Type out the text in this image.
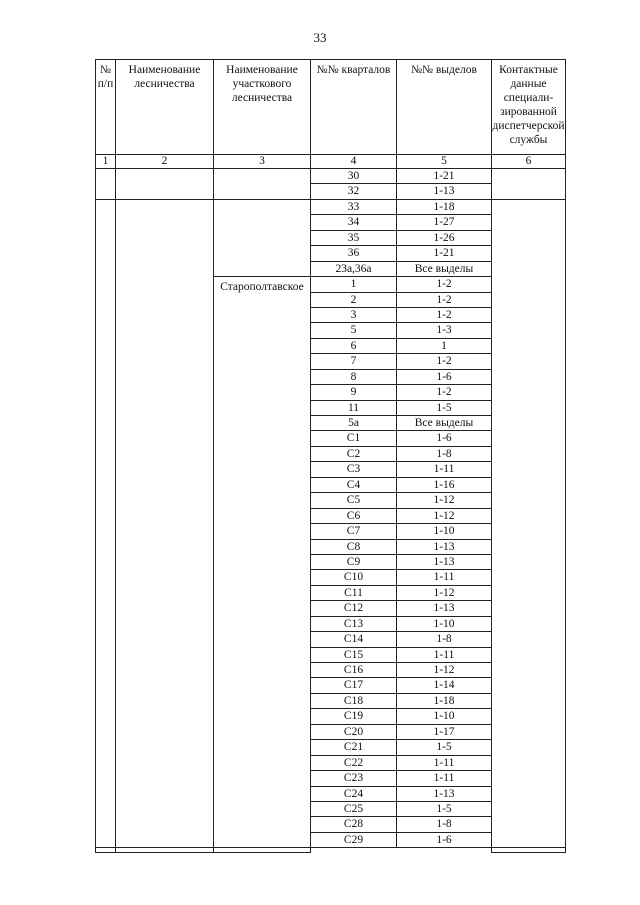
33
№ п/п	Наименование лесничества	Наименование участкового лесничества	№№ кварталов	№№ выделов	Контактные данные специали-зированной диспетчерской службы
1	2	3	4	5	6
			30	1-21	
			32	1-13	
			33	1-18	
			34	1-27	
			35	1-26	
			36	1-21	
			23а,36а	Все выделы	
		Старополтавское	1	1-2	
			2	1-2	
			3	1-2	
			5	1-3	
			6	1	
			7	1-2	
			8	1-6	
			9	1-2	
			11	1-5	
			5а	Все выделы	
			С1	1-6	
			С2	1-8	
			С3	1-11	
			С4	1-16	
			С5	1-12	
			С6	1-12	
			С7	1-10	
			С8	1-13	
			С9	1-13	
			С10	1-11	
			С11	1-12	
			С12	1-13	
			С13	1-10	
			С14	1-8	
			С15	1-11	
			С16	1-12	
			С17	1-14	
			С18	1-18	
			С19	1-10	
			С20	1-17	
			С21	1-5	
			С22	1-11	
			С23	1-11	
			С24	1-13	
			С25	1-5	
			С28	1-8	
			С29	1-6	
